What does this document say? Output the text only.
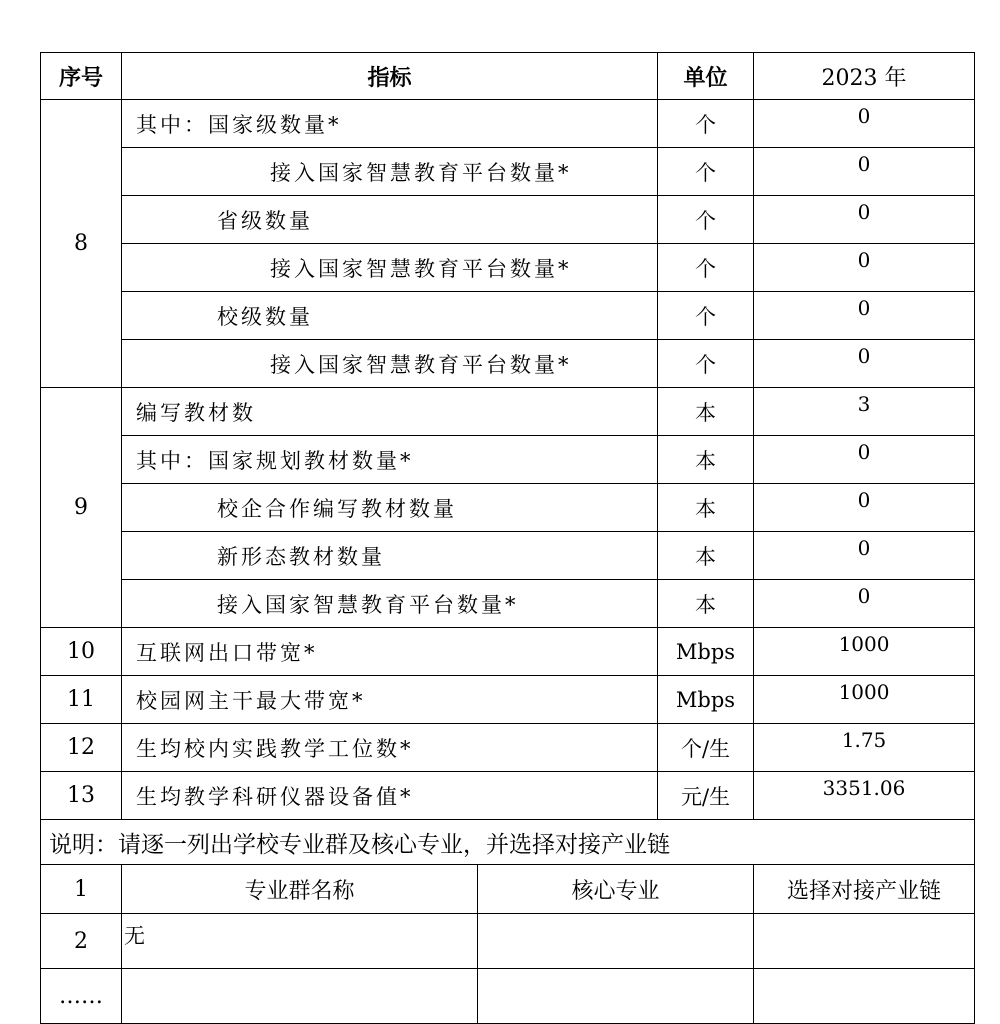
序号	指标		单位	2023 年
8	其中：国家级数量*		个	0
	接入国家智慧教育平台数量*		个	0
	省级数量		个	0
	接入国家智慧教育平台数量*		个	0
	校级数量		个	0
	接入国家智慧教育平台数量*		个	0
9	编写教材数		本	3
	其中：国家规划教材数量*		本	0
	校企合作编写教材数量		本	0
	新形态教材数量		本	0
	接入国家智慧教育平台数量*		本	0
10	互联网出口带宽*		Mbps	1000
11	校园网主干最大带宽*		Mbps	1000
12	生均校内实践教学工位数*		个/生	1.75
13	生均教学科研仪器设备值*		元/生	3351.06
说明：请逐一列出学校专业群及核心专业，并选择对接产业链				
1	专业群名称	核心专业		选择对接产业链
2	无			
……				
